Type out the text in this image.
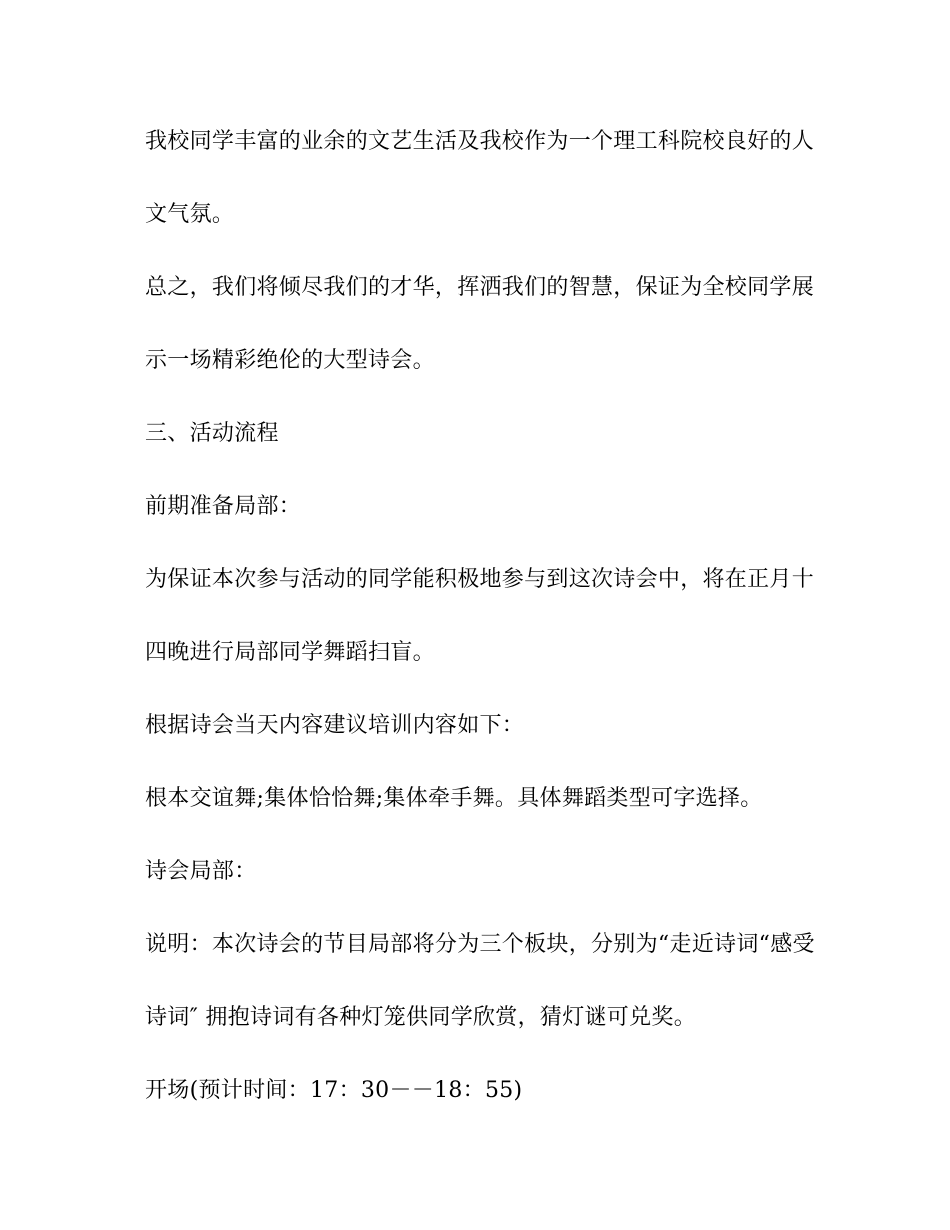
我校同学丰富的业余的文艺生活及我校作为一个理工科院校良好的人
文气氛。
总之，我们将倾尽我们的才华，挥洒我们的智慧，保证为全校同学展
示一场精彩绝伦的大型诗会。
三、活动流程
前期准备局部：
为保证本次参与活动的同学能积极地参与到这次诗会中，将在正月十
四晚进行局部同学舞蹈扫盲。
根据诗会当天内容建议培训内容如下：
根本交谊舞;集体恰恰舞;集体牵手舞。具体舞蹈类型可字选择。
诗会局部：
说明：本次诗会的节目局部将分为三个板块，分别为“走近诗词“感受
诗词″ 拥抱诗词有各种灯笼供同学欣赏，猜灯谜可兑奖。
开场(预计时间：17：30－－18：55)
